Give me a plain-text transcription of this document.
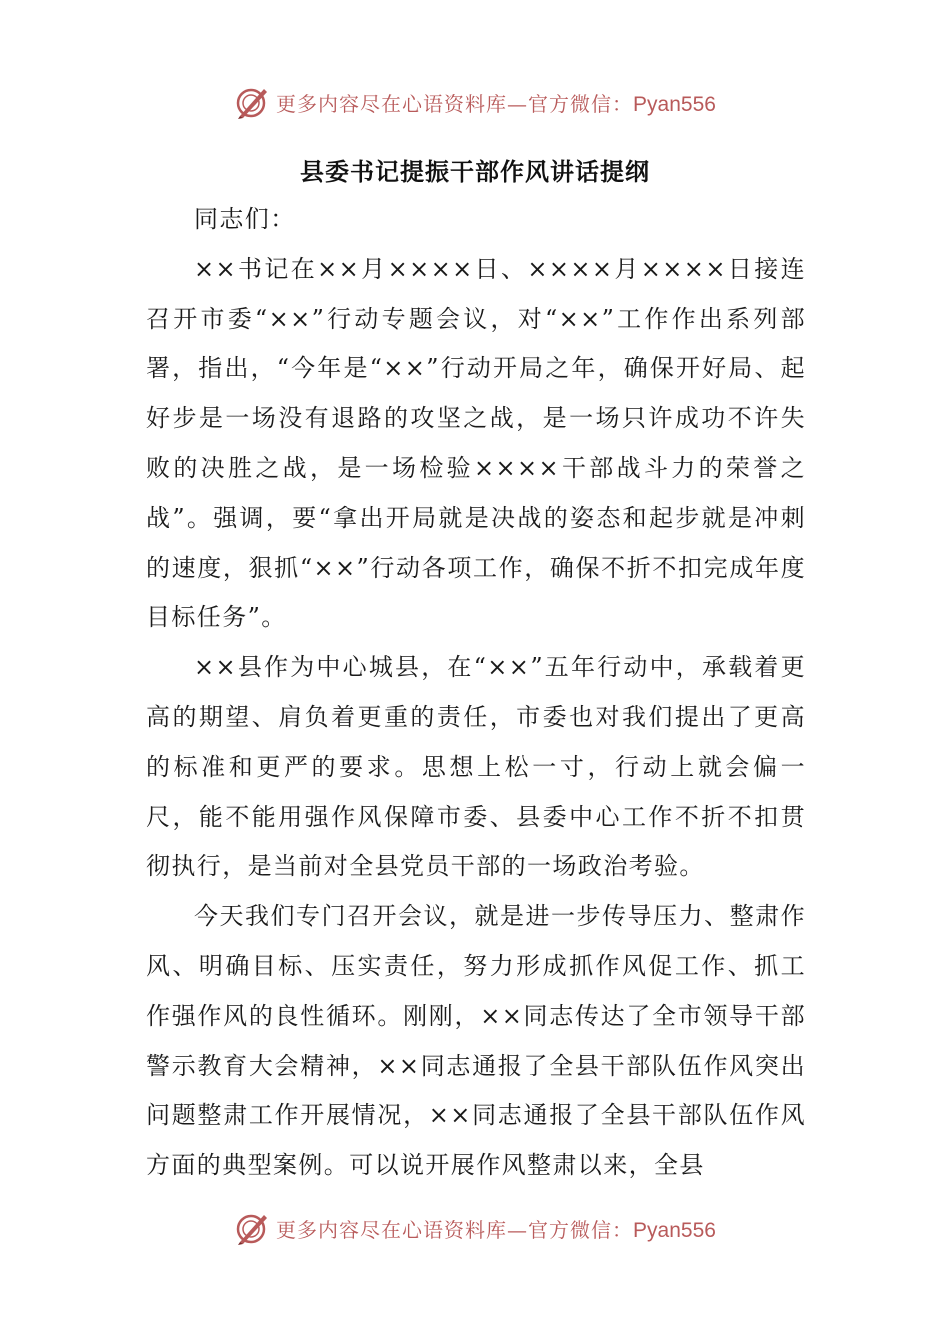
更多内容尽在心语资料库—官方微信：Pyan556
县委书记提振干部作风讲话提纲

同志们：

××书记在××月××××日、××××月××××日接连召开市委“××”行动专题会议，对“××”工作作出系列部署，指出，“今年是“××”行动开局之年，确保开好局、起好步是一场没有退路的攻坚之战，是一场只许成功不许失败的决胜之战，是一场检验××××干部战斗力的荣誉之战”。强调，要“拿出开局就是决战的姿态和起步就是冲刺的速度，狠抓“××”行动各项工作，确保不折不扣完成年度目标任务”。

××县作为中心城县，在“××”五年行动中，承载着更高的期望、肩负着更重的责任，市委也对我们提出了更高的标准和更严的要求。思想上松一寸，行动上就会偏一尺，能不能用强作风保障市委、县委中心工作不折不扣贯彻执行，是当前对全县党员干部的一场政治考验。

今天我们专门召开会议，就是进一步传导压力、整肃作风、明确目标、压实责任，努力形成抓作风促工作、抓工作强作风的良性循环。刚刚，××同志传达了全市领导干部警示教育大会精神，××同志通报了全县干部队伍作风突出问题整肃工作开展情况，××同志通报了全县干部队伍作风方面的典型案例。可以说开展作风整肃以来，全县

更多内容尽在心语资料库—官方微信：Pyan556
